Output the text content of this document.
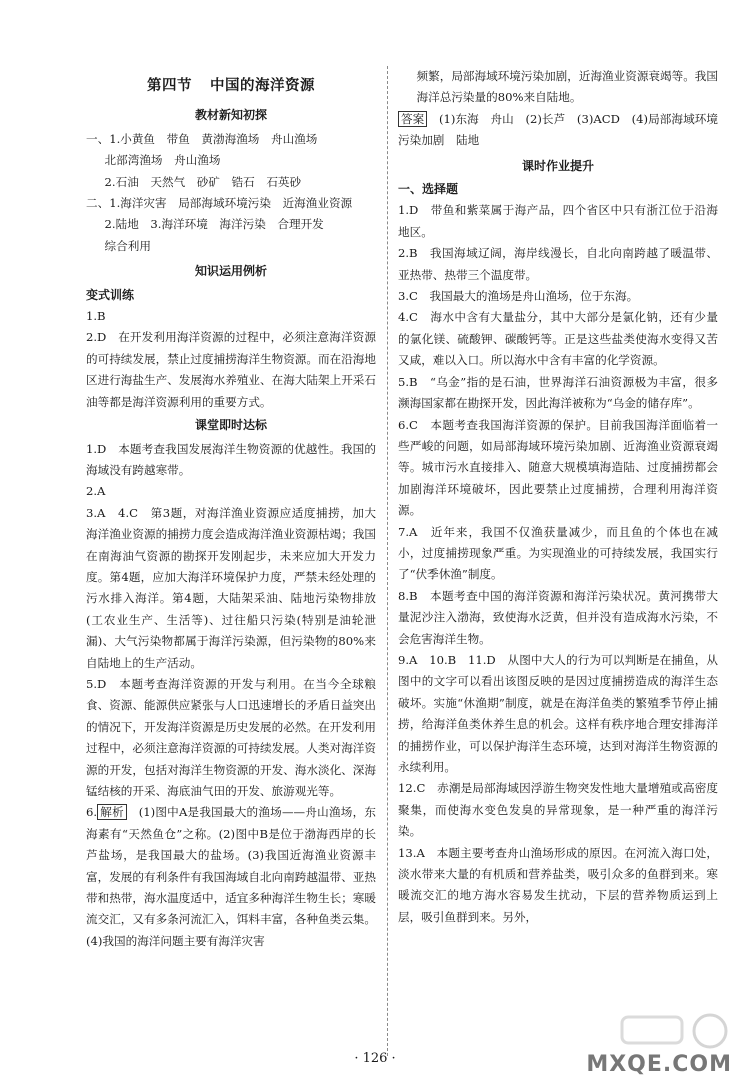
第四节 中国的海洋资源
教材新知初探

一、1.小黄鱼　带鱼　黄渤海渔场　舟山渔场

北部湾渔场　舟山渔场

2.石油　天然气　砂矿　锆石　石英砂

二、1.海洋灾害　局部海域环境污染　近海渔业资源

2.陆地　3.海洋环境　海洋污染　合理开发

综合利用

知识运用例析
变式训练

1.B

2.D　在开发利用海洋资源的过程中，必须注意海洋资源的可持续发展，禁止过度捕捞海洋生物资源。而在沿海地区进行海盐生产、发展海水养殖业、在海大陆架上开采石油等都是海洋资源利用的重要方式。

课堂即时达标

1.D　本题考查我国发展海洋生物资源的优越性。我国的海域没有跨越寒带。

2.A

3.A　4.C　第3题，对海洋渔业资源应适度捕捞，加大海洋渔业资源的捕捞力度会造成海洋渔业资源枯竭；我国在南海油气资源的勘探开发刚起步，未来应加大开发力度。第4题，应加大海洋环境保护力度，严禁未经处理的污水排入海洋。第4题，大陆架采油、陆地污染物排放(工农业生产、生活等)、过往船只污染(特别是油轮泄漏)、大气污染物都属于海洋污染源，但污染物的80%来自陆地上的生产活动。

5.D　本题考查海洋资源的开发与利用。在当今全球粮食、资源、能源供应紧张与人口迅速增长的矛盾日益突出的情况下，开发海洋资源是历史发展的必然。在开发利用过程中，必须注意海洋资源的可持续发展。人类对海洋资源的开发，包括对海洋生物资源的开发、海水淡化、深海锰结核的开采、海底油气田的开发、旅游观光等。

6. 解析　 (1)图中A是我国最大的渔场——舟山渔场，东海素有“天然鱼仓”之称。(2)图中B是位于渤海西岸的长芦盐场，是我国最大的盐场。(3)我国近海渔业资源丰富，发展的有利条件有我国海域自北向南跨越温带、亚热带和热带，海水温度适中，适宜多种海洋生物生长；寒暖流交汇，又有多条河流汇入，饵料丰富，各种鱼类云集。(4)我国的海洋问题主要有海洋灾害

频繁，局部海域环境污染加剧，近海渔业资源衰竭等。我国海洋总污染量的80%来自陆地。

答案　 (1)东海　舟山　(2)长芦　(3)ACD　(4)局部海域环境污染加剧　陆地

课时作业提升
一、选择题

1.D　带鱼和紫菜属于海产品，四个省区中只有浙江位于沿海地区。

2.B　我国海域辽阔，海岸线漫长，自北向南跨越了暖温带、亚热带、热带三个温度带。

3.C　我国最大的渔场是舟山渔场，位于东海。

4.C　海水中含有大量盐分，其中大部分是氯化钠，还有少量的氯化镁、硫酸钾、碳酸钙等。正是这些盐类使海水变得又苦又咸，难以入口。所以海水中含有丰富的化学资源。

5.B　“乌金”指的是石油，世界海洋石油资源极为丰富，很多濒海国家都在勘探开发，因此海洋被称为“乌金的储存库”。

6.C　本题考查我国海洋资源的保护。目前我国海洋面临着一些严峻的问题，如局部海域环境污染加剧、近海渔业资源衰竭等。城市污水直接排入、随意大规模填海造陆、过度捕捞都会加剧海洋环境破坏，因此要禁止过度捕捞，合理利用海洋资源。

7.A　近年来，我国不仅渔获量减少，而且鱼的个体也在减小，过度捕捞现象严重。为实现渔业的可持续发展，我国实行了“伏季休渔”制度。

8.B　本题考查中国的海洋资源和海洋污染状况。黄河携带大量泥沙注入渤海，致使海水泛黄，但并没有造成海水污染，不会危害海洋生物。

9.A　10.B　11.D　从图中大人的行为可以判断是在捕鱼，从图中的文字可以看出该图反映的是因过度捕捞造成的海洋生态破坏。实施“休渔期”制度，就是在海洋鱼类的繁殖季节停止捕捞，给海洋鱼类休养生息的机会。这样有秩序地合理安排海洋的捕捞作业，可以保护海洋生态环境，达到对海洋生物资源的永续利用。

12.C　赤潮是局部海域因浮游生物突发性地大量增殖或高密度聚集，而使海水变色发臭的异常现象，是一种严重的海洋污染。

13.A　本题主要考查舟山渔场形成的原因。在河流入海口处，淡水带来大量的有机质和营养盐类，吸引众多的鱼群到来。寒暖流交汇的地方海水容易发生扰动，下层的营养物质运到上层，吸引鱼群到来。另外，

· 126 ·	MXQE.COM
